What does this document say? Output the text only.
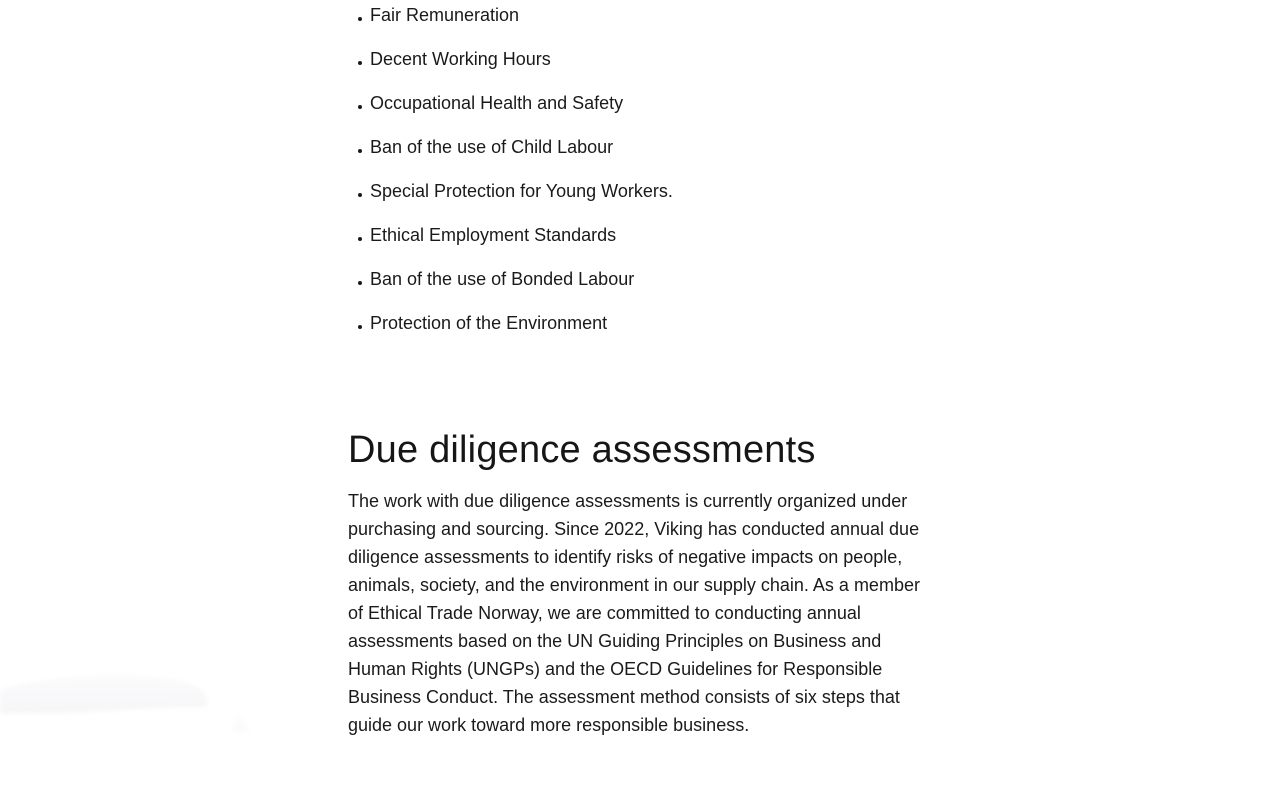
Fair Remuneration
Decent Working Hours
Occupational Health and Safety
Ban of the use of Child Labour
Special Protection for Young Workers.
Ethical Employment Standards
Ban of the use of Bonded Labour
Protection of the Environment
Due diligence assessments

The work with due diligence assessments is currently organized under purchasing and sourcing. Since 2022, Viking has conducted annual due diligence assessments to identify risks of negative impacts on people, animals, society, and the environment in our supply chain. As a member of Ethical Trade Norway, we are committed to conducting annual assessments based on the UN Guiding Principles on Business and Human Rights (UNGPs) and the OECD Guidelines for Responsible Business Conduct. The assessment method consists of six steps that guide our work toward more responsible business.
